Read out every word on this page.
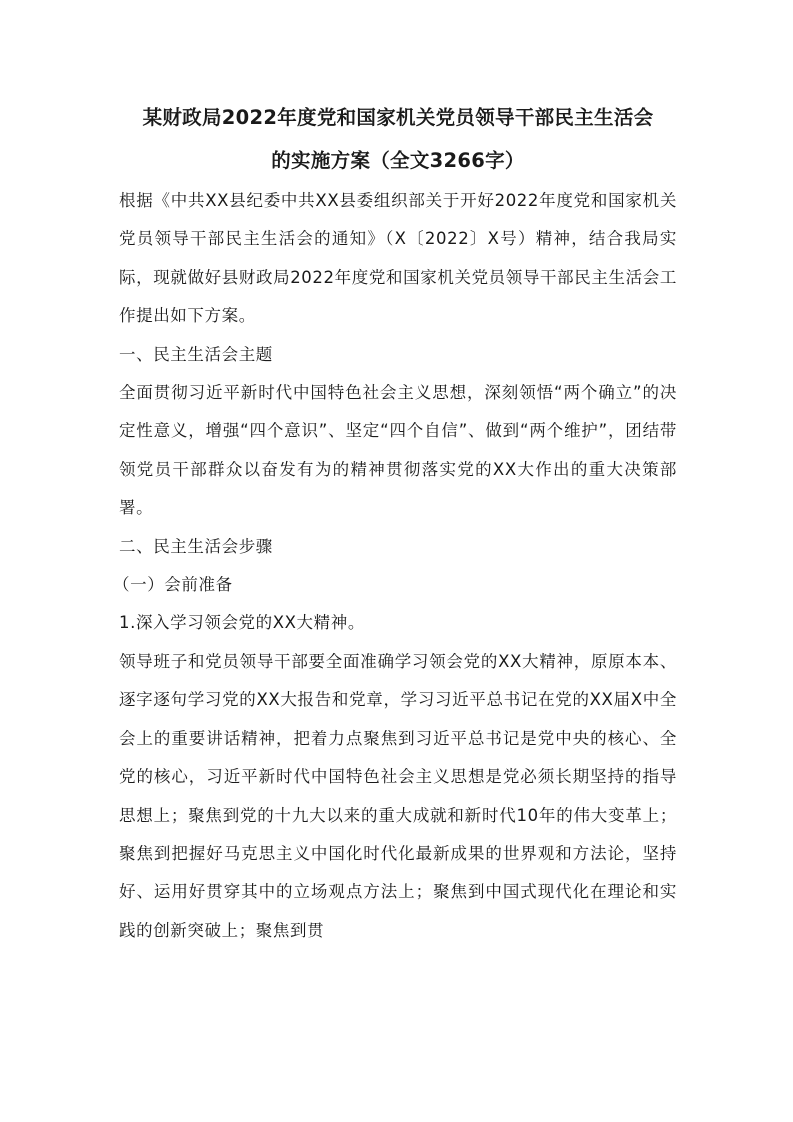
某财政局2022年度党和国家机关党员领导干部民主生活会
的实施方案（全文3266字）

根据《中共XX县纪委中共XX县委组织部关于开好2022年度党和国家机关党员领导干部民主生活会的通知》（X〔2022〕X号）精神，结合我局实际，现就做好县财政局2022年度党和国家机关党员领导干部民主生活会工作提出如下方案。

一、民主生活会主题

全面贯彻习近平新时代中国特色社会主义思想，深刻领悟“两个确立”的决定性意义，增强“四个意识”、坚定“四个自信”、做到“两个维护”，团结带领党员干部群众以奋发有为的精神贯彻落实党的XX大作出的重大决策部署。

二、民主生活会步骤

（一）会前准备

1.深入学习领会党的XX大精神。

领导班子和党员领导干部要全面准确学习领会党的XX大精神，原原本本、逐字逐句学习党的XX大报告和党章，学习习近平总书记在党的XX届X中全会上的重要讲话精神，把着力点聚焦到习近平总书记是党中央的核心、全党的核心，习近平新时代中国特色社会主义思想是党必须长期坚持的指导思想上；聚焦到党的十九大以来的重大成就和新时代10年的伟大变革上；聚焦到把握好马克思主义中国化时代化最新成果的世界观和方法论，坚持好、运用好贯穿其中的立场观点方法上；聚焦到中国式现代化在理论和实践的创新突破上；聚焦到贯
